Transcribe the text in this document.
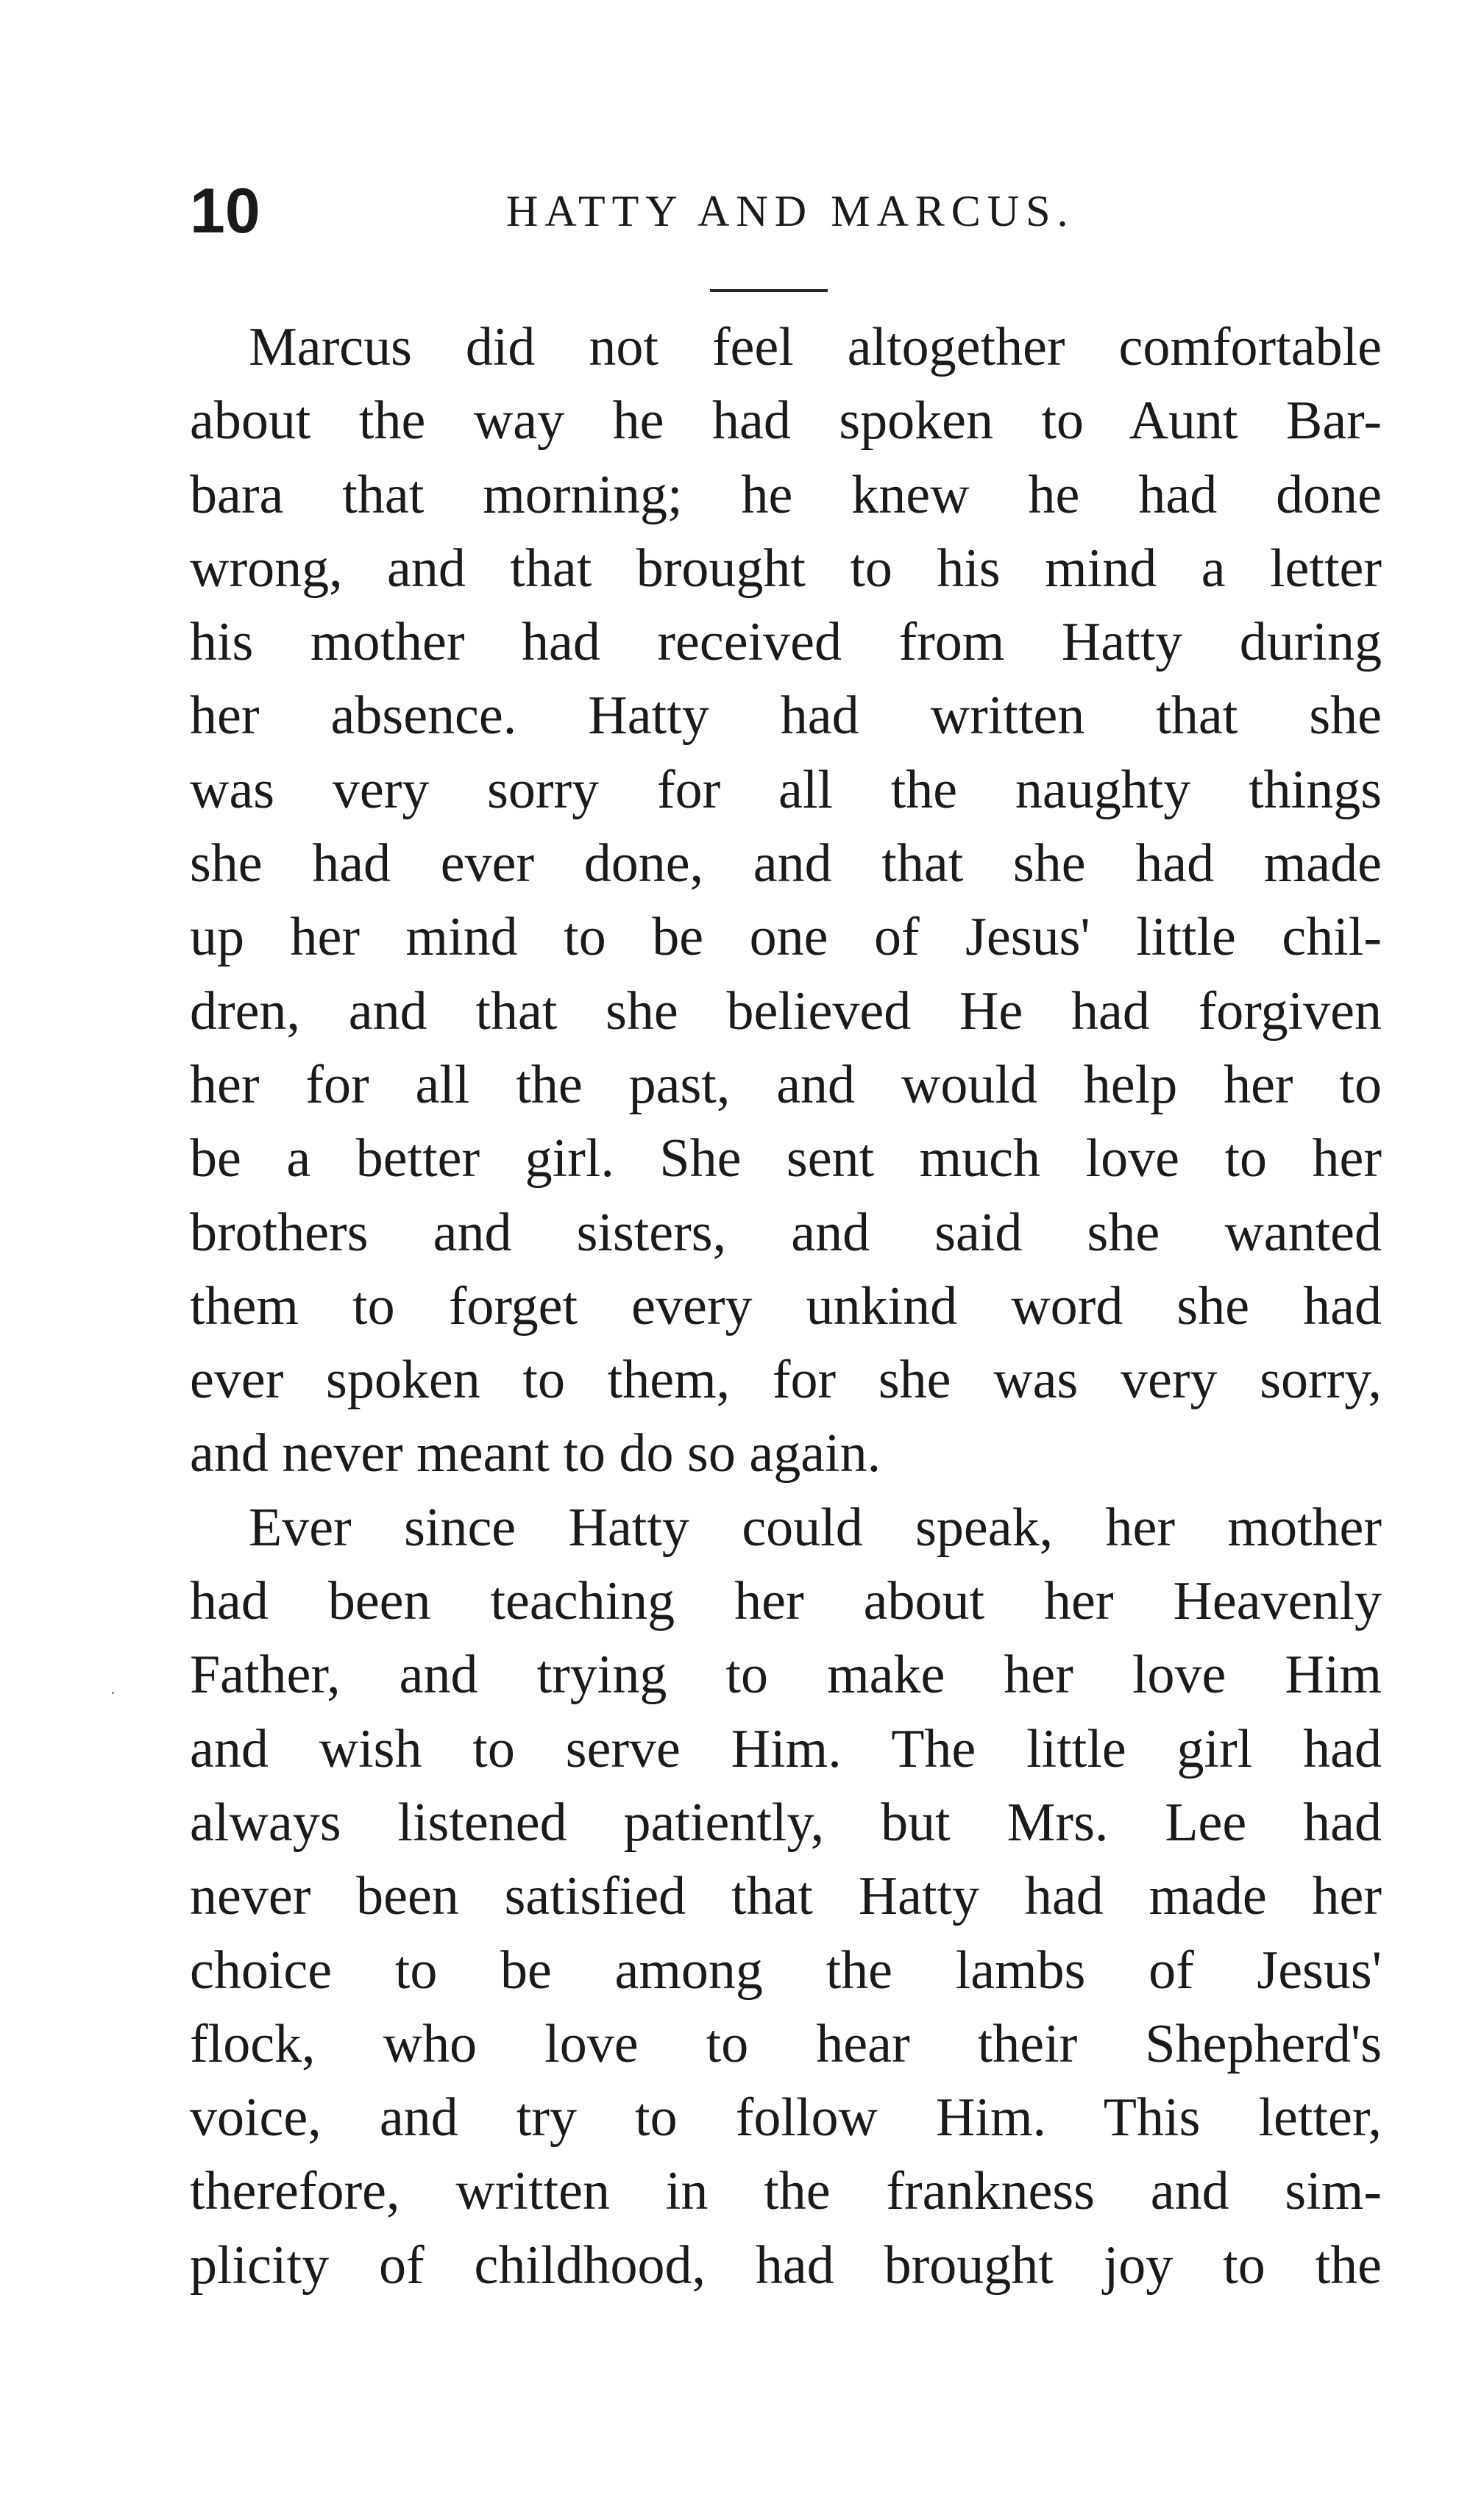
10	HATTY AND MARCUS.
Marcus did not feel altogether comfortable
about the way he had spoken to Aunt Bar-
bara that morning; he knew he had done
wrong, and that brought to his mind a letter
his mother had received from Hatty during
her absence. Hatty had written that she
was very sorry for all the naughty things
she had ever done, and that she had made
up her mind to be one of Jesus' little chil-
dren, and that she believed He had forgiven
her for all the past, and would help her to
be a better girl. She sent much love to her
brothers and sisters, and said she wanted
them to forget every unkind word she had
ever spoken to them, for she was very sorry,
and never meant to do so again.
Ever since Hatty could speak, her mother
had been teaching her about her Heavenly
Father, and trying to make her love Him
and wish to serve Him. The little girl had
always listened patiently, but Mrs. Lee had
never been satisfied that Hatty had made her
choice to be among the lambs of Jesus'
flock, who love to hear their Shepherd's
voice, and try to follow Him. This letter,
therefore, written in the frankness and sim-
plicity of childhood, had brought joy to the
